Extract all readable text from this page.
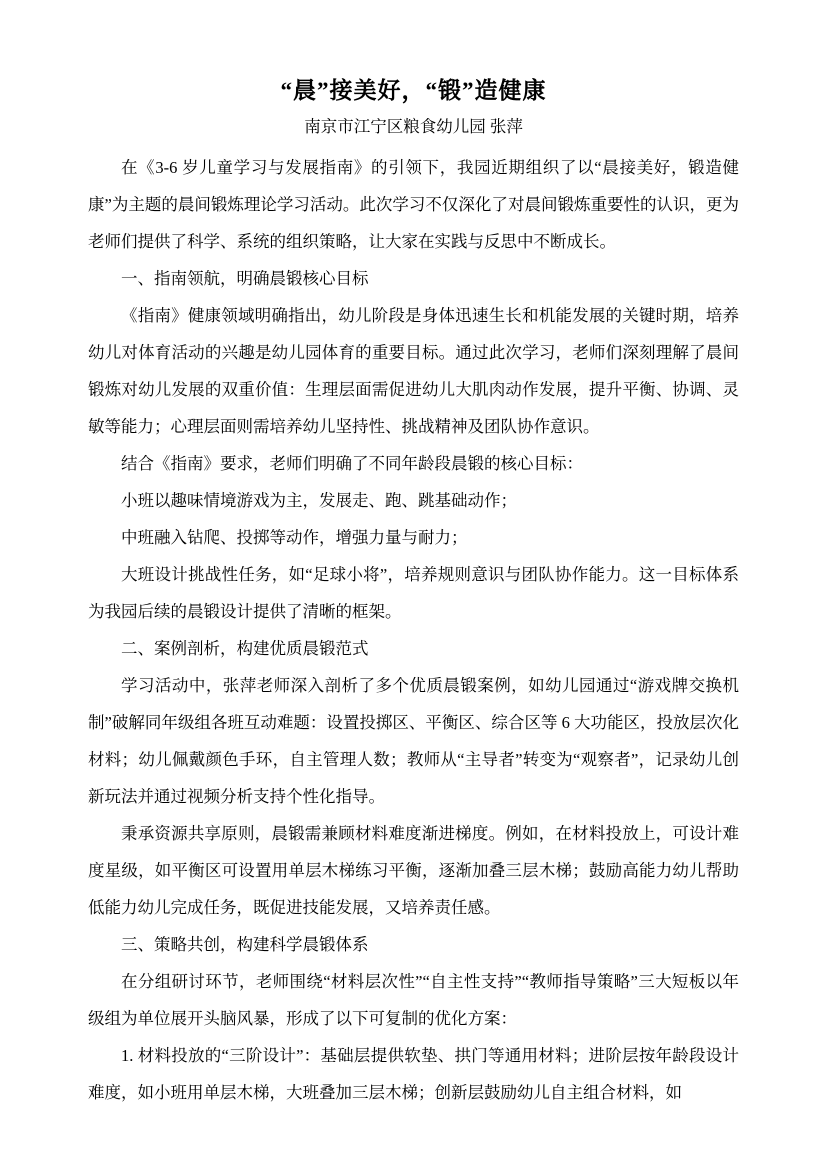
“晨”接美好，“锻”造健康

南京市江宁区粮食幼儿园 张萍

在《3-6 岁儿童学习与发展指南》的引领下，我园近期组织了以“晨接美好，锻造健康”为主题的晨间锻炼理论学习活动。此次学习不仅深化了对晨间锻炼重要性的认识，更为老师们提供了科学、系统的组织策略，让大家在实践与反思中不断成长。

一、指南领航，明确晨锻核心目标

《指南》健康领域明确指出，幼儿阶段是身体迅速生长和机能发展的关键时期，培养幼儿对体育活动的兴趣是幼儿园体育的重要目标。通过此次学习，老师们深刻理解了晨间锻炼对幼儿发展的双重价值：生理层面需促进幼儿大肌肉动作发展，提升平衡、协调、灵敏等能力；心理层面则需培养幼儿坚持性、挑战精神及团队协作意识。

结合《指南》要求，老师们明确了不同年龄段晨锻的核心目标：

小班以趣味情境游戏为主，发展走、跑、跳基础动作；

中班融入钻爬、投掷等动作，增强力量与耐力；

大班设计挑战性任务，如“足球小将”，培养规则意识与团队协作能力。这一目标体系为我园后续的晨锻设计提供了清晰的框架。

二、案例剖析，构建优质晨锻范式

学习活动中，张萍老师深入剖析了多个优质晨锻案例，如幼儿园通过“游戏牌交换机制”破解同年级组各班互动难题：设置投掷区、平衡区、综合区等 6 大功能区，投放层次化材料；幼儿佩戴颜色手环，自主管理人数；教师从“主导者”转变为“观察者”，记录幼儿创新玩法并通过视频分析支持个性化指导。

秉承资源共享原则，晨锻需兼顾材料难度渐进梯度。例如，在材料投放上，可设计难度星级，如平衡区可设置用单层木梯练习平衡，逐渐加叠三层木梯；鼓励高能力幼儿帮助低能力幼儿完成任务，既促进技能发展，又培养责任感。

三、策略共创，构建科学晨锻体系

在分组研讨环节，老师围绕“材料层次性”“自主性支持”“教师指导策略”三大短板以年级组为单位展开头脑风暴，形成了以下可复制的优化方案：

1. 材料投放的“三阶设计”：基础层提供软垫、拱门等通用材料；进阶层按年龄段设计难度，如小班用单层木梯，大班叠加三层木梯；创新层鼓励幼儿自主组合材料，如
